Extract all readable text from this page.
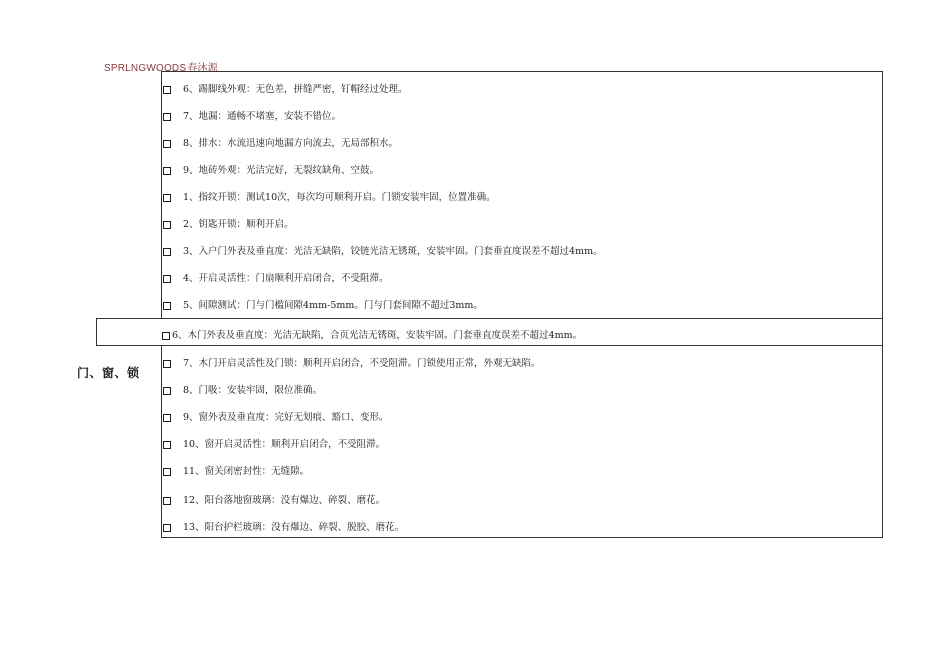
SPRLNGWOODS春沐源
门、窗、锁
6、踢脚线外观：无色差，拼缝严密，钉帽经过处理。
7、地漏：通畅不堵塞，安装不错位。
8、排水：水流迅速向地漏方向流去，无局部积水。
9、地砖外观：光洁完好，无裂纹缺角、空鼓。
1、指纹开锁：测试10次，每次均可顺利开启。门锁安装牢固，位置准确。
2、钥匙开锁：顺利开启。
3、入户门外表及垂直度：光洁无缺陷，铰链光洁无锈斑，安装牢固。门套垂直度误差不超过4mm。
4、开启灵活性：门扇顺利开启闭合，不受阻滞。
5、间隙测试：门与门槛间隙4mm-5mm。门与门套间隙不超过3mm。
6、木门外表及垂直度：光洁无缺陷，合页光洁无锈斑，安装牢固。门套垂直度误差不超过4mm。
7、木门开启灵活性及门锁：顺利开启闭合，不受阻滞。门锁使用正常，外观无缺陷。
8、门吸：安装牢固，限位准确。
9、窗外表及垂直度：完好无划痕、豁口、变形。
10、窗开启灵活性：顺利开启闭合，不受阻滞。
11、窗关闭密封性：无缝隙。
12、阳台落地窗玻璃：没有爆边、碎裂、磨花。
13、阳台护栏玻璃：没有爆边、碎裂、脱胶、磨花。
